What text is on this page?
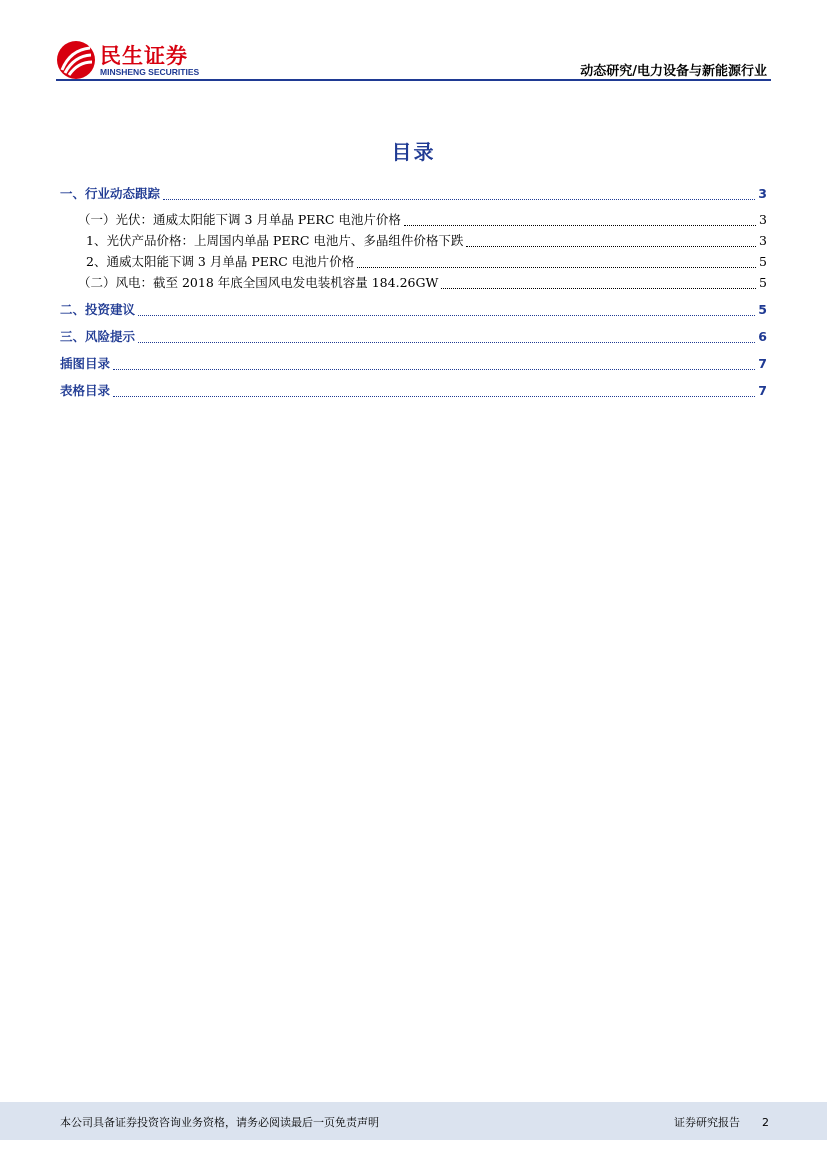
民生证券
MINSHENG SECURITIES	动态研究/电力设备与新能源行业
目录
一、行业动态跟踪	3
（一）光伏：通威太阳能下调 3 月单晶 PERC 电池片价格	3
1、光伏产品价格：上周国内单晶 PERC 电池片、多晶组件价格下跌	3
2、通威太阳能下调 3 月单晶 PERC 电池片价格	5
（二）风电：截至 2018 年底全国风电发电装机容量 184.26GW	5
二、投资建议	5
三、风险提示	6
插图目录	7
表格目录	7
本公司具备证券投资咨询业务资格，请务必阅读最后一页免责声明	证券研究报告 2
